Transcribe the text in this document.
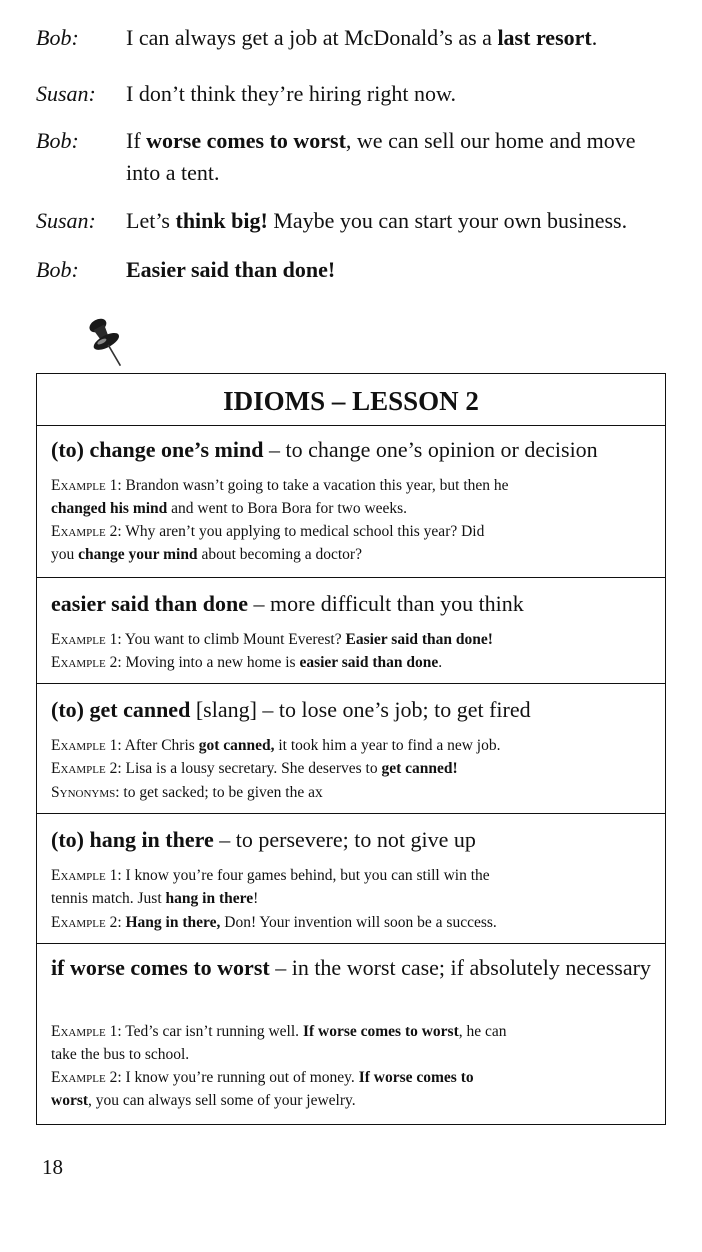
Bob: I can always get a job at McDonald’s as a last resort.
Susan: I don’t think they’re hiring right now.
Bob: If worse comes to worst, we can sell our home and move into a tent.
Susan: Let’s think big! Maybe you can start your own business.
Bob: Easier said than done!
IDIOMS – LESSON 2
(to) change one’s mind – to change one’s opinion or decision
Example 1: Brandon wasn’t going to take a vacation this year, but then he
changed his mind and went to Bora Bora for two weeks.
Example 2: Why aren’t you applying to medical school this year? Did
you change your mind about becoming a doctor?
easier said than done – more difficult than you think
Example 1: You want to climb Mount Everest? Easier said than done!
Example 2: Moving into a new home is easier said than done.
(to) get canned [slang] – to lose one’s job; to get fired
Example 1: After Chris got canned, it took him a year to find a new job.
Example 2: Lisa is a lousy secretary. She deserves to get canned!
Synonyms: to get sacked; to be given the ax
(to) hang in there – to persevere; to not give up
Example 1: I know you’re four games behind, but you can still win the
tennis match. Just hang in there!
Example 2: Hang in there, Don! Your invention will soon be a success.
if worse comes to worst – in the worst case; if absolutely necessary
Example 1: Ted’s car isn’t running well. If worse comes to worst, he can
take the bus to school.
Example 2: I know you’re running out of money. If worse comes to
worst, you can always sell some of your jewelry.
18
